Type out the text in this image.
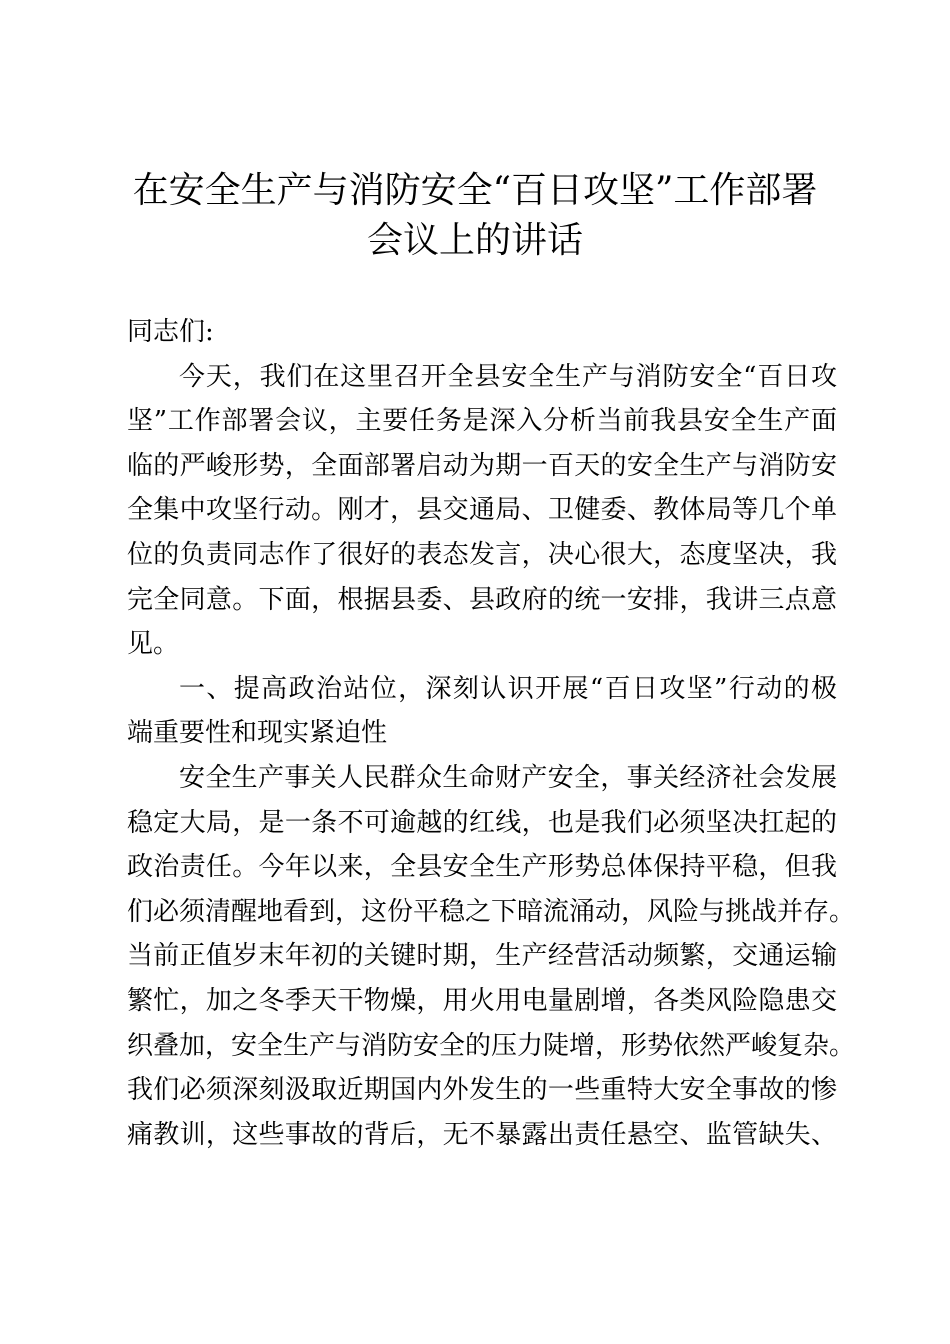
在安全生产与消防安全“百日攻坚”工作部署
会议上的讲话
同志们:
今天，我们在这里召开全县安全生产与消防安全“百日攻
坚”工作部署会议，主要任务是深入分析当前我县安全生产面
临的严峻形势，全面部署启动为期一百天的安全生产与消防安
全集中攻坚行动。刚才，县交通局、卫健委、教体局等几个单
位的负责同志作了很好的表态发言，决心很大，态度坚决，我
完全同意。下面，根据县委、县政府的统一安排，我讲三点意
见。
一、提高政治站位，深刻认识开展“百日攻坚”行动的极
端重要性和现实紧迫性
安全生产事关人民群众生命财产安全，事关经济社会发展
稳定大局，是一条不可逾越的红线，也是我们必须坚决扛起的
政治责任。今年以来，全县安全生产形势总体保持平稳，但我
们必须清醒地看到，这份平稳之下暗流涌动，风险与挑战并存。
当前正值岁末年初的关键时期，生产经营活动频繁，交通运输
繁忙，加之冬季天干物燥，用火用电量剧增，各类风险隐患交
织叠加，安全生产与消防安全的压力陡增，形势依然严峻复杂。
我们必须深刻汲取近期国内外发生的一些重特大安全事故的惨
痛教训，这些事故的背后，无不暴露出责任悬空、监管缺失、
